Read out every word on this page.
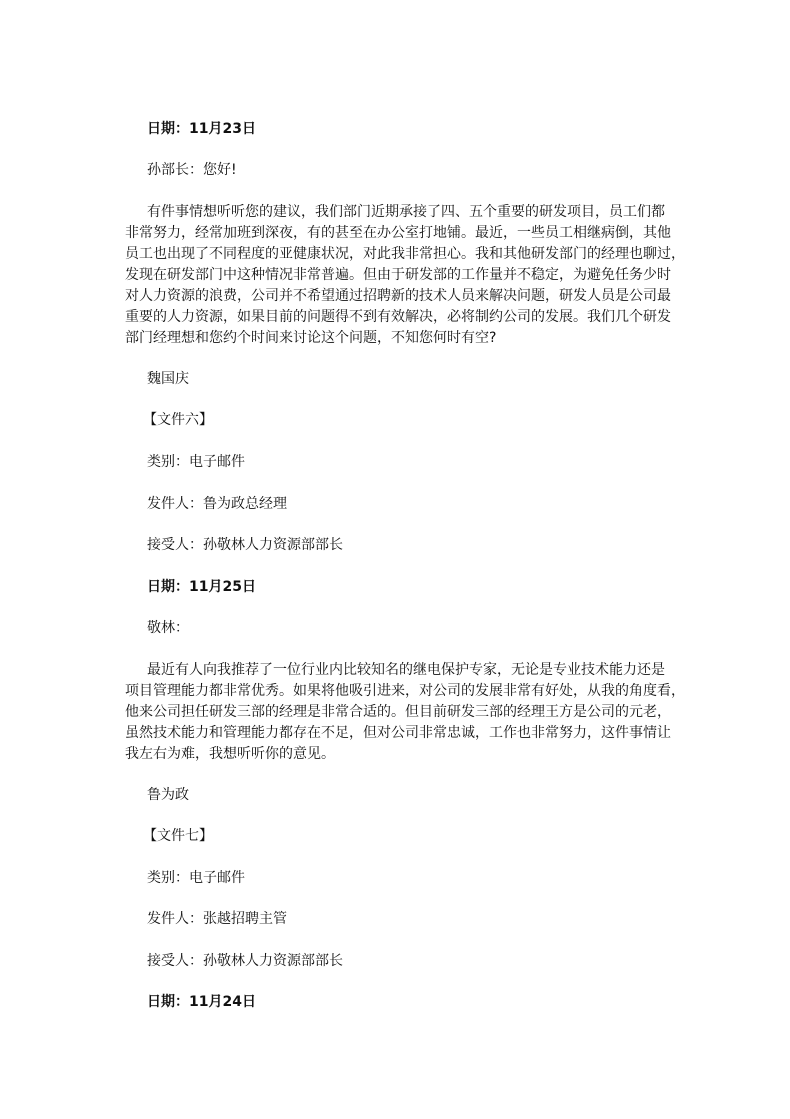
日期：11月23日
孙部长：您好!
有件事情想听听您的建议，我们部门近期承接了四、五个重要的研发项目，员工们都
非常努力，经常加班到深夜，有的甚至在办公室打地铺。最近，一些员工相继病倒，其他
员工也出现了不同程度的亚健康状况，对此我非常担心。我和其他研发部门的经理也聊过，
发现在研发部门中这种情况非常普遍。但由于研发部的工作量并不稳定，为避免任务少时
对人力资源的浪费，公司并不希望通过招聘新的技术人员来解决问题，研发人员是公司最
重要的人力资源，如果目前的问题得不到有效解决，必将制约公司的发展。我们几个研发
部门经理想和您约个时间来讨论这个问题，不知您何时有空?
魏国庆
【文件六】
类别：电子邮件
发件人：鲁为政总经理
接受人：孙敬林人力资源部部长
日期：11月25日
敬林：
最近有人向我推荐了一位行业内比较知名的继电保护专家，无论是专业技术能力还是
项目管理能力都非常优秀。如果将他吸引进来，对公司的发展非常有好处，从我的角度看，
他来公司担任研发三部的经理是非常合适的。但目前研发三部的经理王方是公司的元老，
虽然技术能力和管理能力都存在不足，但对公司非常忠诚，工作也非常努力，这件事情让
我左右为难，我想听听你的意见。
鲁为政
【文件七】
类别：电子邮件
发件人：张越招聘主管
接受人：孙敬林人力资源部部长
日期：11月24日
